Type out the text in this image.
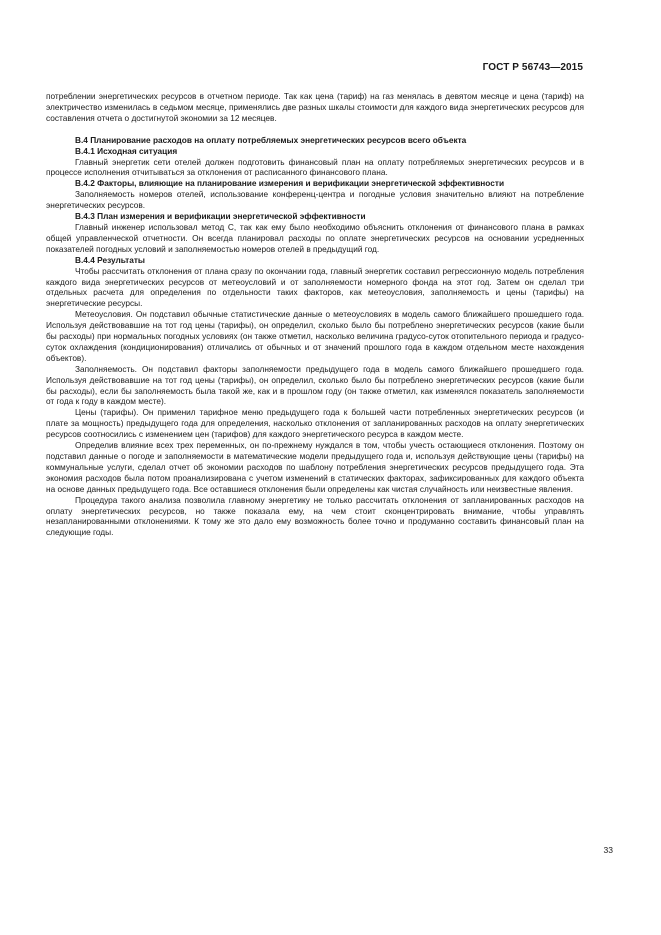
ГОСТ Р 56743—2015

потреблении энергетических ресурсов в отчетном периоде. Так как цена (тариф) на газ менялась в девятом месяце и цена (тариф) на электричество изменилась в седьмом месяце, применялись две разных шкалы стоимости для каждого вида энергетических ресурсов для составления отчета о достигнутой экономии за 12 месяцев.

В.4 Планирование расходов на оплату потребляемых энергетических ресурсов всего объекта

В.4.1 Исходная ситуация

Главный энергетик сети отелей должен подготовить финансовый план на оплату потребляемых энергетических ресурсов и в процессе исполнения отчитываться за отклонения от расписанного финансового плана.

В.4.2 Факторы, влияющие на планирование измерения и верификации энергетической эффективности

Заполняемость номеров отелей, использование конференц-центра и погодные условия значительно влияют на потребление энергетических ресурсов.

В.4.3 План измерения и верификации энергетической эффективности

Главный инженер использовал метод С, так как ему было необходимо объяснить отклонения от финансового плана в рамках общей управленческой отчетности. Он всегда планировал расходы по оплате энергетических ресурсов на основании усредненных показателей погодных условий и заполняемостью номеров отелей в предыдущий год.

В.4.4 Результаты

Чтобы рассчитать отклонения от плана сразу по окончании года, главный энергетик составил регрессионную модель потребления каждого вида энергетических ресурсов от метеоусловий и от заполняемости номерного фонда на этот год. Затем он сделал три отдельных расчета для определения по отдельности таких факторов, как метеоусловия, заполняемость и цены (тарифы) на энергетические ресурсы.

Метеоусловия. Он подставил обычные статистические данные о метеоусловиях в модель самого ближайшего прошедшего года. Используя действовавшие на тот год цены (тарифы), он определил, сколько было бы потреблено энергетических ресурсов (какие были бы расходы) при нормальных погодных условиях (он также отметил, насколько величина градусо-суток отопительного периода и градусо-суток охлаждения (кондиционирования) отличались от обычных и от значений прошлого года в каждом отдельном месте нахождения объектов).

Заполняемость. Он подставил факторы заполняемости предыдущего года в модель самого ближайшего прошедшего года. Используя действовавшие на тот год цены (тарифы), он определил, сколько было бы потреблено энергетических ресурсов (какие были бы расходы), если бы заполняемость была такой же, как и в прошлом году (он также отметил, как изменялся показатель заполняемости от года к году в каждом месте).

Цены (тарифы). Он применил тарифное меню предыдущего года к большей части потребленных энергетических ресурсов (и плате за мощность) предыдущего года для определения, насколько отклонения от запланированных расходов на оплату энергетических ресурсов соотносились с изменением цен (тарифов) для каждого энергетического ресурса в каждом месте.

Определив влияние всех трех переменных, он по-прежнему нуждался в том, чтобы учесть остающиеся отклонения. Поэтому он подставил данные о погоде и заполняемости в математические модели предыдущего года и, используя действующие цены (тарифы) на коммунальные услуги, сделал отчет об экономии расходов по шаблону потребления энергетических ресурсов предыдущего года. Эта экономия расходов была потом проанализирована с учетом изменений в статических факторах, зафиксированных для каждого объекта на основе данных предыдущего года. Все оставшиеся отклонения были определены как чистая случайность или неизвестные явления.

Процедура такого анализа позволила главному энергетику не только рассчитать отклонения от запланированных расходов на оплату энергетических ресурсов, но также показала ему, на чем стоит сконцентрировать внимание, чтобы управлять незапланированными отклонениями. К тому же это дало ему возможность более точно и продуманно составить финансовый план на следующие годы.

33
